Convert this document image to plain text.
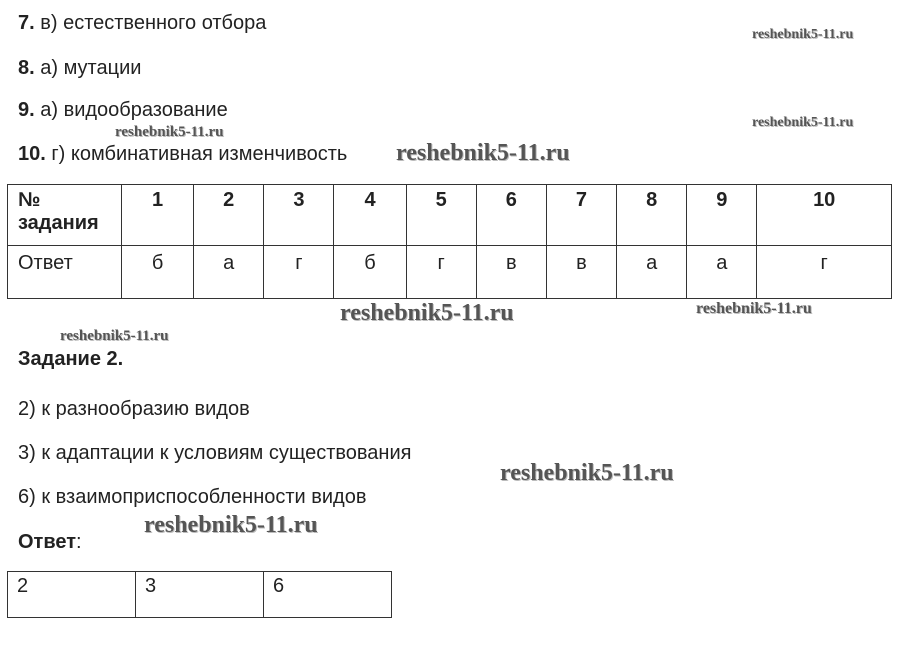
7. в) естественного отбора
8. а) мутации
9. а) видообразование
10. г) комбинативная изменчивость
№ задания	1	2	3	4	5	6	7	8	9	10
Ответ	б	а	г	б	г	в	в	а	а	г
Задание 2.
2) к разнообразию видов
3) к адаптации к условиям существования
6) к взаимоприспособленности видов
Ответ:
2	3	6
reshebnik5-11.ru
reshebnik5-11.ru
reshebnik5-11.ru
reshebnik5-11.ru
reshebnik5-11.ru	reshebnik5-11.ru
reshebnik5-11.ru
reshebnik5-11.ru
reshebnik5-11.ru
